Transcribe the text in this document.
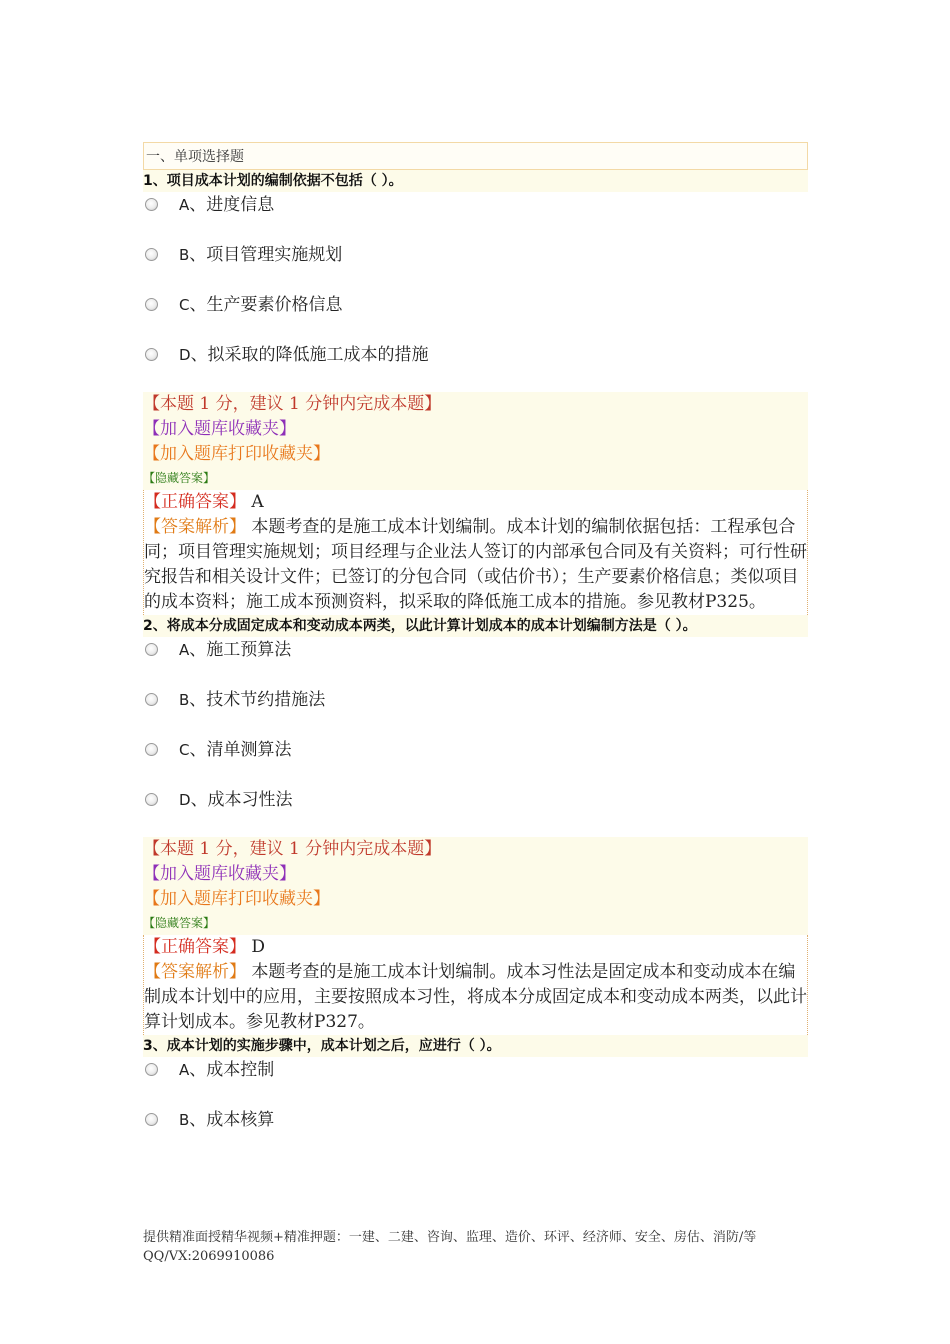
一、单项选择题
1、项目成本计划的编制依据不包括（ ）。
A、进度信息
B、项目管理实施规划
C、生产要素价格信息
D、拟采取的降低施工成本的措施
【本题 1 分，建议 1 分钟内完成本题】
【加入题库收藏夹】
【加入题库打印收藏夹】
【隐藏答案】
【正确答案】 A
【答案解析】 本题考查的是施工成本计划编制。成本计划的编制依据包括：工程承包合同；项目管理实施规划；项目经理与企业法人签订的内部承包合同及有关资料；可行性研究报告和相关设计文件；已签订的分包合同（或估价书）；生产要素价格信息；类似项目的成本资料；施工成本预测资料，拟采取的降低施工成本的措施。参见教材P325。
2、将成本分成固定成本和变动成本两类，以此计算计划成本的成本计划编制方法是（ ）。
A、施工预算法
B、技术节约措施法
C、清单测算法
D、成本习性法
【本题 1 分，建议 1 分钟内完成本题】
【加入题库收藏夹】
【加入题库打印收藏夹】
【隐藏答案】
【正确答案】 D
【答案解析】 本题考查的是施工成本计划编制。成本习性法是固定成本和变动成本在编制成本计划中的应用，主要按照成本习性，将成本分成固定成本和变动成本两类，以此计算计划成本。参见教材P327。
3、成本计划的实施步骤中，成本计划之后，应进行（ ）。
A、成本控制
B、成本核算
提供精准面授精华视频+精准押题：一建、二建、咨询、监理、造价、环评、经济师、安全、房估、消防/等 QQ/VX:2069910086
